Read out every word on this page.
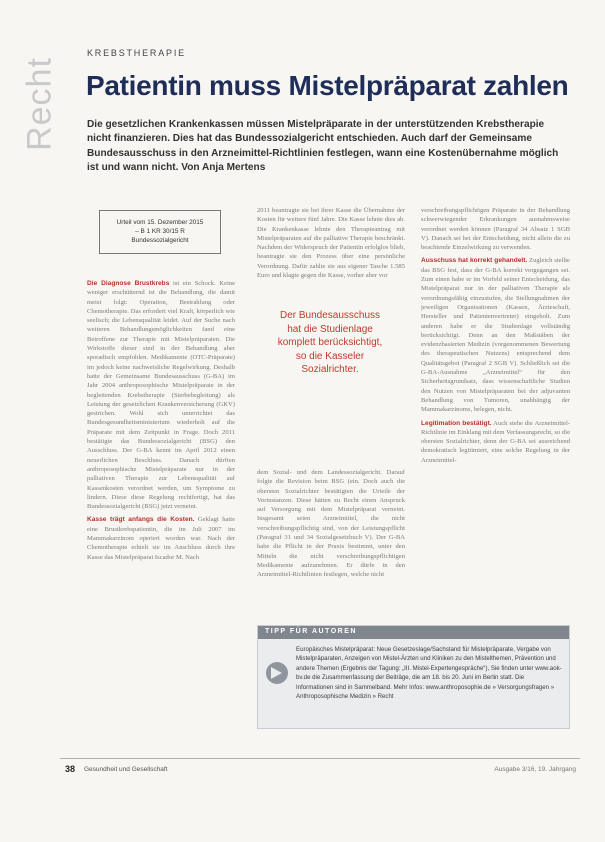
Recht
KREBSTHERAPIE
Patientin muss Mistelpräparat zahlen

Die gesetzlichen Krankenkassen müssen Mistelpräparate in der unterstützenden Krebstherapie nicht finanzieren. Dies hat das Bundessozialgericht entschieden. Auch darf der Gemeinsame Bundesausschuss in den Arzneimittel-Richtlinien festlegen, wann eine Kostenübernahme möglich ist und wann nicht. Von Anja Mertens

Urteil vom 15. Dezember 2015
– B 1 KR 30/15 R
Bundessozialgericht

Die Diagnose Brustkrebs ist ein Schock. Keine weniger erschütternd ist die Behandlung, die damit meist folgt: Operation, Bestrahlung oder Chemotherapie. Das erfordert viel Kraft, körperlich wie seelisch; die Lebensqualität leidet. Auf der Suche nach weiteren Behandlungsmöglichkeiten fand eine Betroffene zur Therapie mit Mistelpräparaten. Die Wirkstoffe dieser sind in der Behandlung aber sporadisch empfohlen. Medikamente (OTC-Präparate) im jedoch keine nachweisliche Regelwirkung. Deshalb hatte der Gemeinsame Bundesausschuss (G-BA) im Jahr 2004 anthroposophische Mistelpräparate in der begleitenden Krebstherapie (Sterbebegleitung) als Leistung der gesetzlichen Krankenversicherung (GKV) gestrichen. Wohl sich unterrichtet das Bundesgesundheitsministerium wiederholt auf die Präparate mit dem Zeitpunkt in Frage. Doch 2011 bestätigte das Bundessozialgericht (BSG) den Ausschluss. Der G-BA kennt im April 2012 einen neuerlichen Beschluss. Danach dürften anthroposophische Mistelpräparate nur in der palliativen Therapie zur Lebensqualität auf Kassenkosten verordnet werden, um Symptome zu lindern. Diese diese Regelung rechtfertigt, hat das Bundessozialgericht (BSG) jetzt verneint.

Kasse trägt anfangs die Kosten. Geklagt hatte eine Brustkrebspatientin, die im Juli 2007 im Mammakarzinom operiert worden war. Nach der Chemotherapie erhielt sie im Anschluss durch ihre Kasse das Mistelpräparat Iscador M. Nach

2011 beantragte sie bei ihrer Kasse die Übernahme der Kosten für weitere fünf Jahre. Die Kasse lehnte dies ab. Die Krankenkasse lehnte den Therapieantrag mit Mistelpräparaten auf die palliative Therapie beschränkt. Nachdem der Widerspruch der Patientin erfolglos blieb, beantragte sie den Prozess über eine persönliche Verordnung. Dafür zahlte sie aus eigener Tasche 1.585 Euro und klagte gegen die Kasse, vorher aber vor

Der Bundesausschuss
hat die Studienlage
komplett berücksichtigt,
so die Kasseler
Sozialrichter.

dem Sozial- und dem Landessozialgericht. Darauf folgte die Revision beim BSG (ein. Doch auch die obersten Sozialrichter bestätigten die Urteile der Vorinstanzen. Diese hätten zu Recht einen Anspruck auf Versorgung mit dem Mistelpräparat verneint. Insgesamt seien Arzneimittel, die nicht verschreibungspflichtig sind, von der Leistungspflicht (Paragraf 31 und 34 Sozialgesetzbuch V). Der G-BA habe die Pflicht in der Praxis bestimmt, unter den Mitteln die nicht verschreibungspflichtigen Medikamente aufzunehmen. Er dürfe in den Arzneimittel-Richtlinien festlegen, welche nicht

verschreibungspflichtigen Präparate in der Behandlung schwerwiegender Erkrankungen ausnahmsweise verordnet werden können (Paragraf 34 Absatz 1 SGB V). Danach sei bei der Entscheidung, nicht allein die zu beachtende Einzelwirkung zu verwenden.

Ausschuss hat korrekt gehandelt. Zugleich stellte das BSG fest, dass der G-BA korrekt vorgegangen sei. Zum einen habe er im Vorfeld seiner Entscheidung, das Mistelpräparat nur in der palliativen Therapie als verordnungsfähig einzustufen, die Stellungnahmen der jeweiligen Organisationen (Kassen, Ärzteschaft, Hersteller und Patientenvertreter) eingeholt. Zum anderen habe er die Studienlage vollständig berücksichtigt. Denn an den Maßstäben der evidenzbasierten Medizin (vorgenommenen Bewertung des therapeutischen Nutzens) entsprechend dem Qualitätsgebot (Paragraf 2 SGB V). Schließlich sei die G-BA-Ausnahme „Arzneimittel“ für den Sicherheitsgrundsatz, dass wissenschaftliche Studien den Nutzen von Mistelpräparaten bei der adjuvanten Behandlung von Tumoren, unabhängig der Mammakarzinoms, belegen, nicht.

Legitimation bestätigt. Auch stehe die Arzneimittel-Richtlinie im Einklang mit dem Verfassungsrecht, so die obersten Sozialrichter, denn der G-BA sei ausreichend demokratisch legitimiert, eine solche Regelung in der Arzneimittel-

TIPP FÜR AUTOREN

Europäisches Mistelpräparat: Neue Gesetzeslage/Sachstand für Mistelpräparate, Vergabe von Mistelpräparaten, Anzeigen von Mistel-Ärzten und Kliniken zu den Mistelthemen, Prävention und andere Themen (Ergebnis der Tagung: „III. Mistel-Expertengespräche“), Sie finden unter www.aok-bv.de die Zusammenfassung der Beiträge, die am 18. bis 20. Juni im Berlin statt. Die Informationen sind in Sammelband. Mehr Infos: www.anthroposophie.de » Versorgungsfragen » Anthroposophische Medizin » Recht

38 Gesundheit und Gesellschaft	Ausgabe 3/16, 19. Jahrgang
